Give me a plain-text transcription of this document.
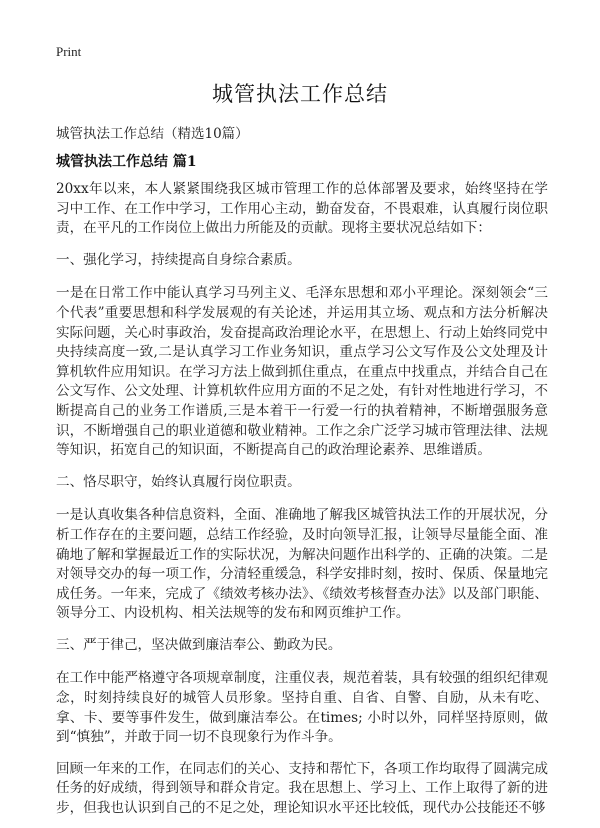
Print
城管执法工作总结
城管执法工作总结（精选10篇）
城管执法工作总结 篇1

20xx年以来，本人紧紧围绕我区城市管理工作的总体部署及要求，始终坚持在学习中工作、在工作中学习，工作用心主动，勤奋发奋，不畏艰难，认真履行岗位职责，在平凡的工作岗位上做出力所能及的贡献。现将主要状况总结如下：

一、强化学习，持续提高自身综合素质。

一是在日常工作中能认真学习马列主义、毛泽东思想和邓小平理论。深刻领会“三个代表”重要思想和科学发展观的有关论述，并运用其立场、观点和方法分析解决实际问题，关心时事政治，发奋提高政治理论水平，在思想上、行动上始终同党中央持续高度一致,二是认真学习工作业务知识，重点学习公文写作及公文处理及计算机软件应用知识。在学习方法上做到抓住重点，在重点中找重点，并结合自己在公文写作、公文处理、计算机软件应用方面的不足之处，有针对性地进行学习，不断提高自己的业务工作谱质,三是本着干一行爱一行的执着精神，不断增强服务意识，不断增强自己的职业道德和敬业精神。工作之余广泛学习城市管理法律、法规等知识，拓宽自己的知识面，不断提高自己的政治理论素养、思维谱质。

二、恪尽职守，始终认真履行岗位职责。

一是认真收集各种信息资料，全面、准确地了解我区城管执法工作的开展状况，分析工作存在的主要问题，总结工作经验，及时向领导汇报，让领导尽量能全面、准确地了解和掌握最近工作的实际状况，为解决问题作出科学的、正确的决策。二是对领导交办的每一项工作，分清轻重缓急，科学安排时刻，按时、保质、保量地完成任务。一年来，完成了《绩效考核办法》、《绩效考核督查办法》以及部门职能、领导分工、内设机构、相关法规等的发布和网页维护工作。

三、严于律己，坚决做到廉洁奉公、勤政为民。

在工作中能严格遵守各项规章制度，注重仪表，规范着装，具有较强的组织纪律观念，时刻持续良好的城管人员形象。坚持自重、自省、自警、自励，从未有吃、拿、卡、要等事件发生，做到廉洁奉公。在times; 小时以外，同样坚持原则，做到“慎独”，并敢于同一切不良现象行为作斗争。

回顾一年来的工作，在同志们的关心、支持和帮忙下，各项工作均取得了圆满完成任务的好成绩，得到领导和群众肯定。我在思想上、学习上、工作上取得了新的进步，但我也认识到自己的不足之处，理论知识水平还比较低，现代办公技能还不够
